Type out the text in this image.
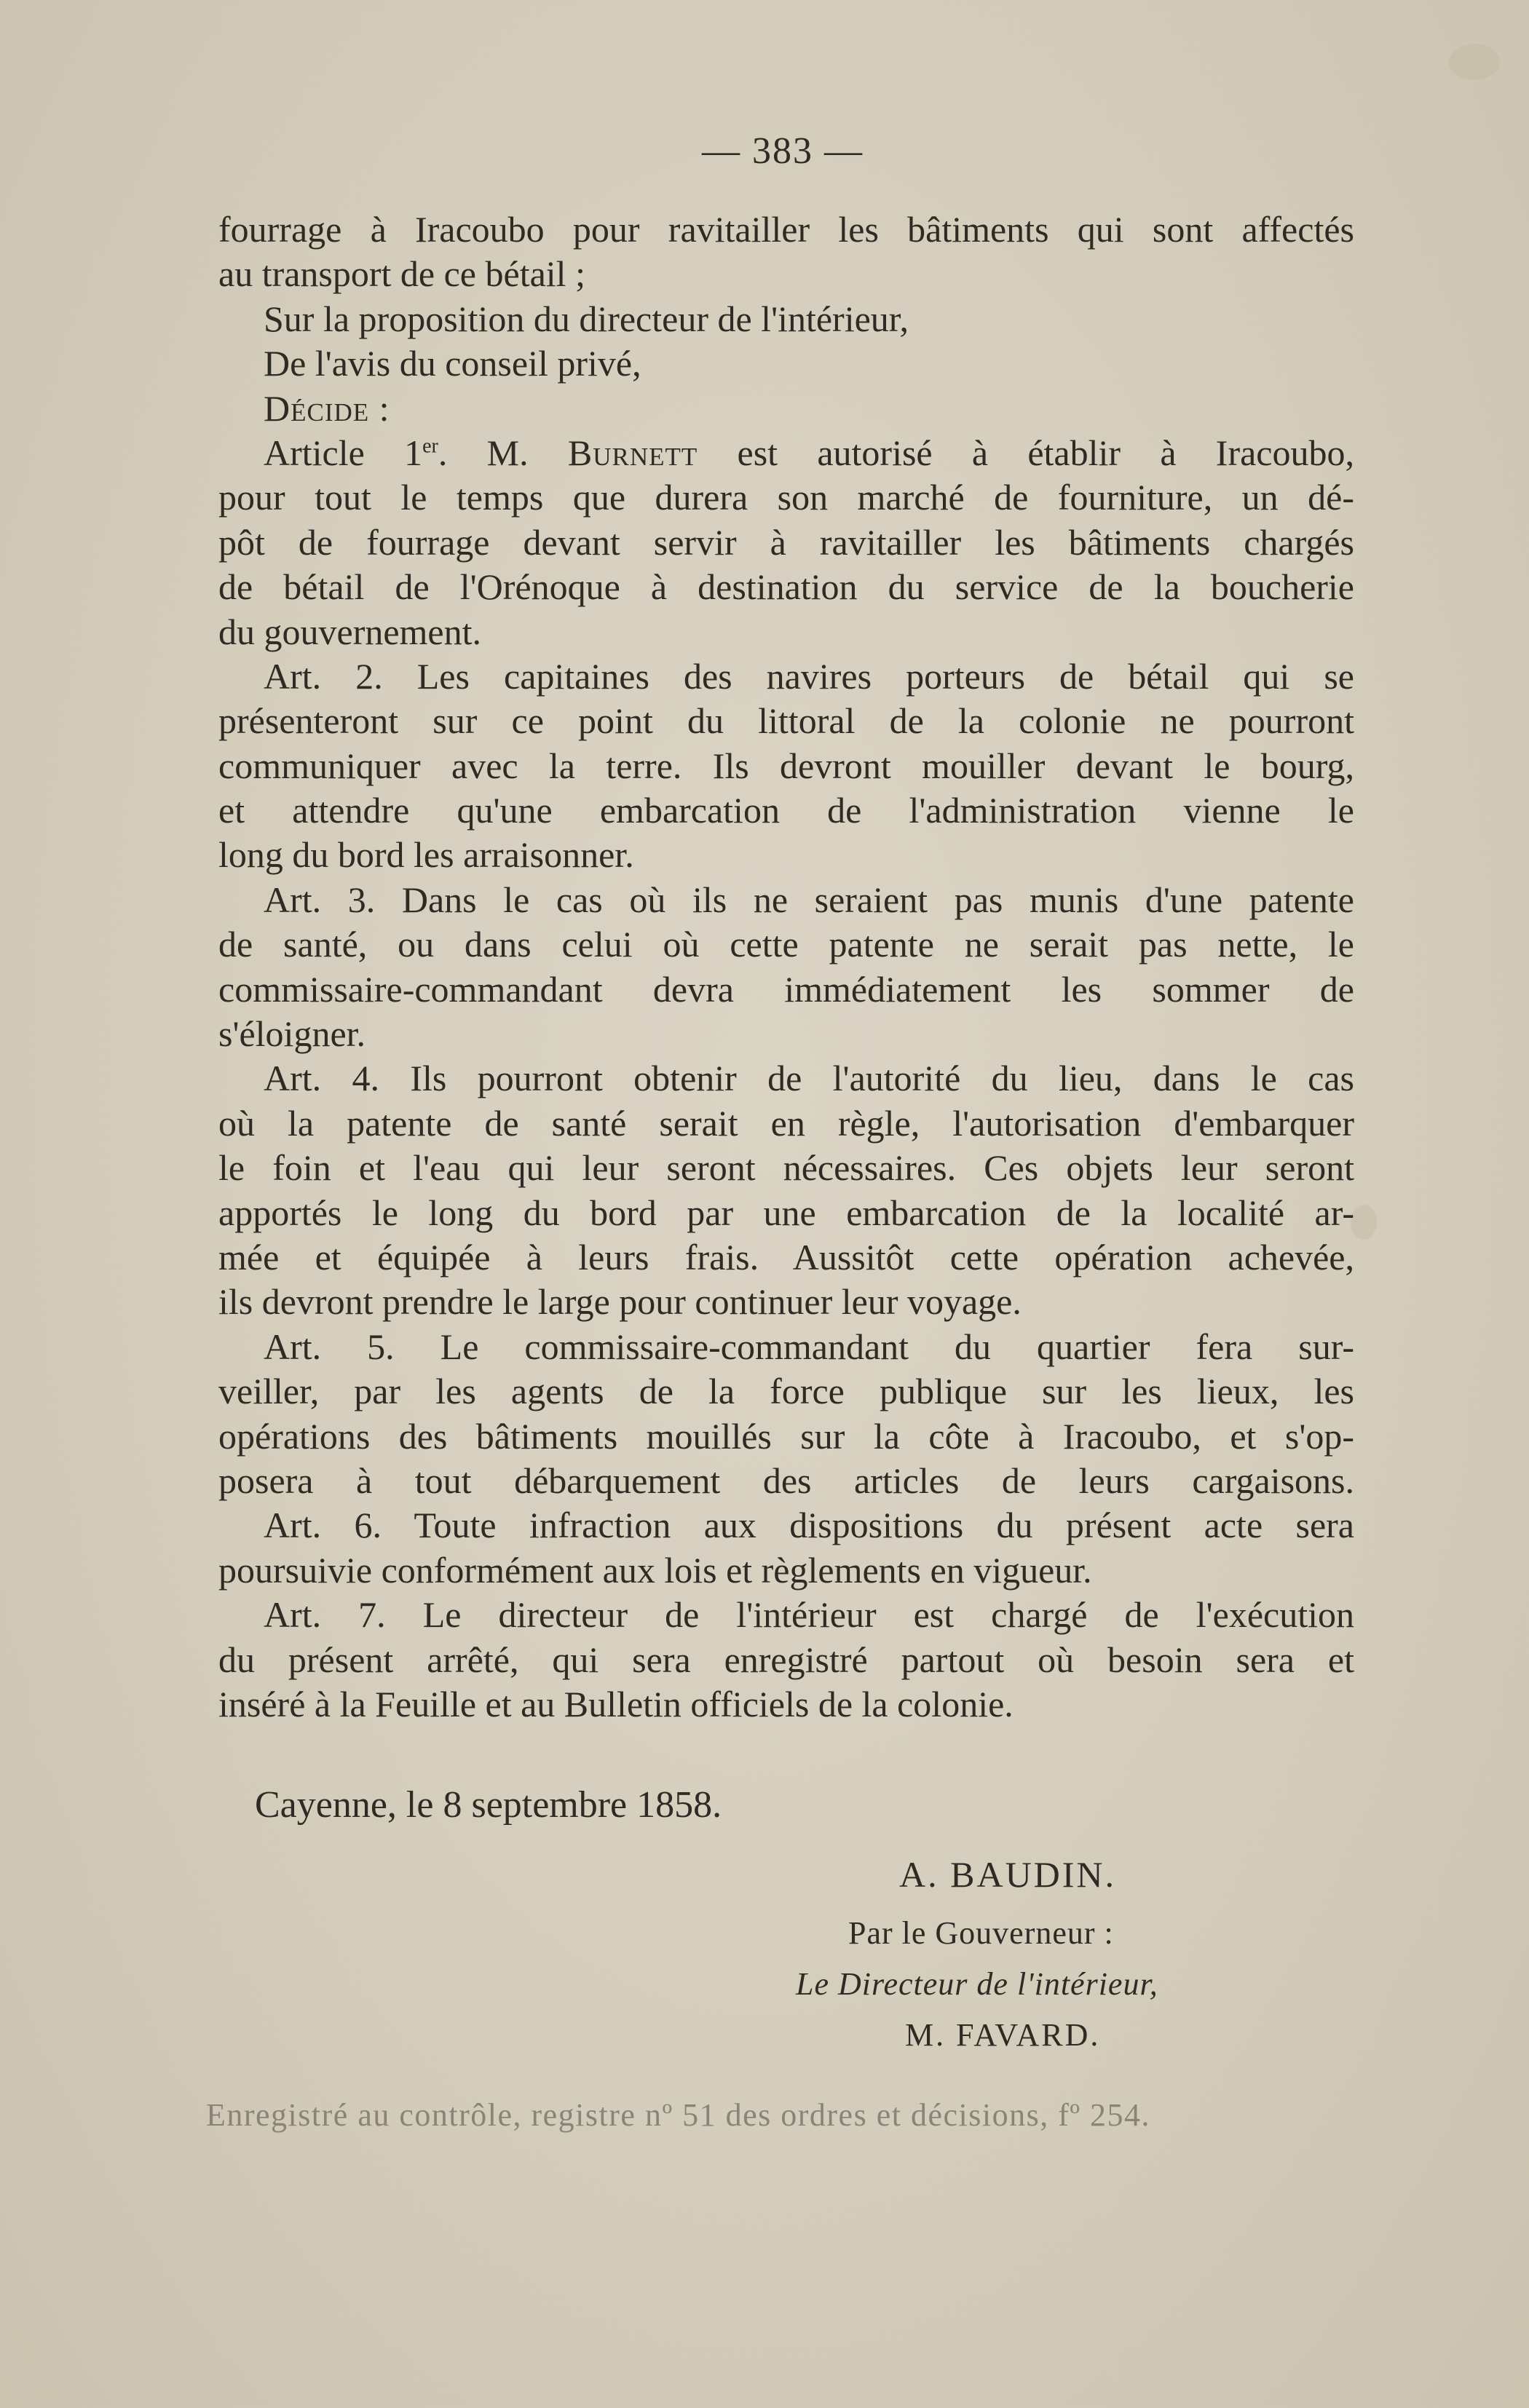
— 383 —
fourrage à Iracoubo pour ravitailler les bâtiments qui sont affectés
au transport de ce bétail ;
Sur la proposition du directeur de l'intérieur,
De l'avis du conseil privé,
Décide :
Article 1er. M. Burnett est autorisé à établir à Iracoubo,
pour tout le temps que durera son marché de fourniture, un dé-
pôt de fourrage devant servir à ravitailler les bâtiments chargés
de bétail de l'Orénoque à destination du service de la boucherie
du gouvernement.
Art. 2. Les capitaines des navires porteurs de bétail qui se
présenteront sur ce point du littoral de la colonie ne pourront
communiquer avec la terre. Ils devront mouiller devant le bourg,
et attendre qu'une embarcation de l'administration vienne le
long du bord les arraisonner.
Art. 3. Dans le cas où ils ne seraient pas munis d'une patente
de santé, ou dans celui où cette patente ne serait pas nette, le
commissaire-commandant devra immédiatement les sommer de
s'éloigner.
Art. 4. Ils pourront obtenir de l'autorité du lieu, dans le cas
où la patente de santé serait en règle, l'autorisation d'embarquer
le foin et l'eau qui leur seront nécessaires. Ces objets leur seront
apportés le long du bord par une embarcation de la localité ar-
mée et équipée à leurs frais. Aussitôt cette opération achevée,
ils devront prendre le large pour continuer leur voyage.
Art. 5. Le commissaire-commandant du quartier fera sur-
veiller, par les agents de la force publique sur les lieux, les
opérations des bâtiments mouillés sur la côte à Iracoubo, et s'op-
posera à tout débarquement des articles de leurs cargaisons.
Art. 6. Toute infraction aux dispositions du présent acte sera
poursuivie conformément aux lois et règlements en vigueur.
Art. 7. Le directeur de l'intérieur est chargé de l'exécution
du présent arrêté, qui sera enregistré partout où besoin sera et
inséré à la Feuille et au Bulletin officiels de la colonie.
Cayenne, le 8 septembre 1858.
A. BAUDIN.
Par le Gouverneur :
Le Directeur de l'intérieur,
M. FAVARD.
Enregistré au contrôle, registre nº 51 des ordres et décisions, fº 254.
